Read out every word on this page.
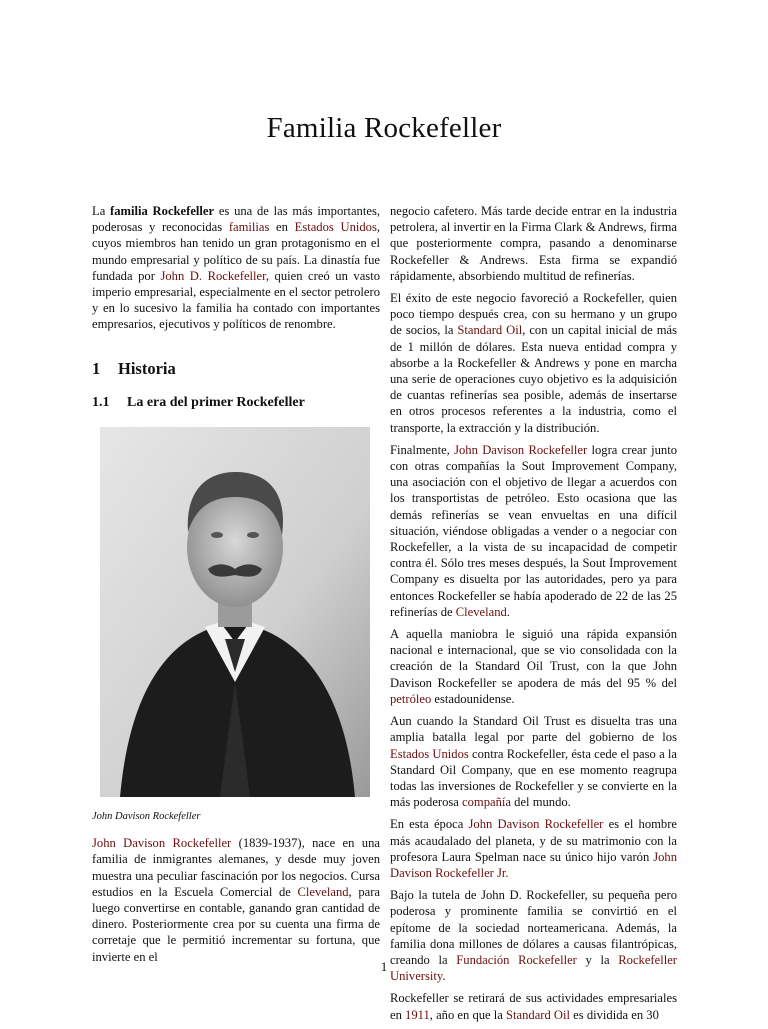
Familia Rockefeller

La familia Rockefeller es una de las más importantes, poderosas y reconocidas familias en Estados Unidos, cuyos miembros han tenido un gran protagonismo en el mundo empresarial y político de su país. La dinastía fue fundada por John D. Rockefeller, quien creó un vasto imperio empresarial, especialmente en el sector petrolero y en lo sucesivo la familia ha contado con importantes empresarios, ejecutivos y políticos de renombre.

1 Historia
1.1 La era del primer Rockefeller
John Davison Rockefeller

John Davison Rockefeller (1839-1937), nace en una familia de inmigrantes alemanes, y desde muy joven muestra una peculiar fascinación por los negocios. Cursa estudios en la Escuela Comercial de Cleveland, para luego convertirse en contable, ganando gran cantidad de dinero. Posteriormente crea por su cuenta una firma de corretaje que le permitió incrementar su fortuna, que invierte en el

negocio cafetero. Más tarde decide entrar en la industria petrolera, al invertir en la Firma Clark & Andrews, firma que posteriormente compra, pasando a denominarse Rockefeller & Andrews. Esta firma se expandió rápidamente, absorbiendo multitud de refinerías.

El éxito de este negocio favoreció a Rockefeller, quien poco tiempo después crea, con su hermano y un grupo de socios, la Standard Oil, con un capital inicial de más de 1 millón de dólares. Esta nueva entidad compra y absorbe a la Rockefeller & Andrews y pone en marcha una serie de operaciones cuyo objetivo es la adquisición de cuantas refinerías sea posible, además de insertarse en otros procesos referentes a la industria, como el transporte, la extracción y la distribución.

Finalmente, John Davison Rockefeller logra crear junto con otras compañías la Sout Improvement Company, una asociación con el objetivo de llegar a acuerdos con los transportistas de petróleo. Esto ocasiona que las demás refinerías se vean envueltas en una difícil situación, viéndose obligadas a vender o a negociar con Rockefeller, a la vista de su incapacidad de competir contra él. Sólo tres meses después, la Sout Improvement Company es disuelta por las autoridades, pero ya para entonces Rockefeller se había apoderado de 22 de las 25 refinerías de Cleveland.

A aquella maniobra le siguió una rápida expansión nacional e internacional, que se vio consolidada con la creación de la Standard Oil Trust, con la que John Davison Rockefeller se apodera de más del 95 % del petróleo estadounidense.

Aun cuando la Standard Oil Trust es disuelta tras una amplia batalla legal por parte del gobierno de los Estados Unidos contra Rockefeller, ésta cede el paso a la Standard Oil Company, que en ese momento reagrupa todas las inversiones de Rockefeller y se convierte en la más poderosa compañía del mundo.

En esta época John Davison Rockefeller es el hombre más acaudalado del planeta, y de su matrimonio con la profesora Laura Spelman nace su único hijo varón John Davison Rockefeller Jr.

Bajo la tutela de John D. Rockefeller, su pequeña pero poderosa y prominente familia se convirtió en el epítome de la sociedad norteamericana. Además, la familia dona millones de dólares a causas filantrópicas, creando la Fundación Rockefeller y la Rockefeller University.

Rockefeller se retirará de sus actividades empresariales en 1911, año en que la Standard Oil es dividida en 30

1
